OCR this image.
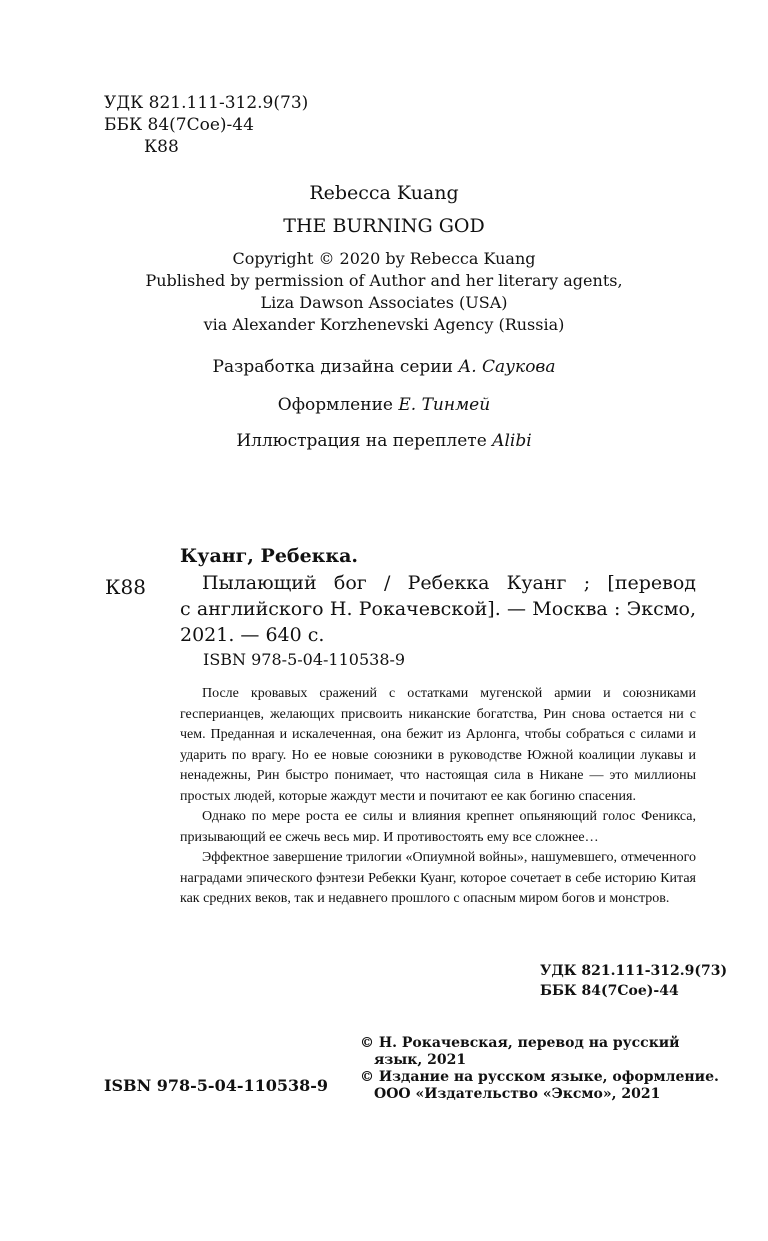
УДК 821.111-312.9(73)
ББК 84(7Сое)-44
К88
Rebecca Kuang
THE BURNING GOD
Copyright © 2020 by Rebecca Kuang
Published by permission of Author and her literary agents,
Liza Dawson Associates (USA)
via Alexander Korzhenevski Agency (Russia)
Разработка дизайна серии А. Саукова
Оформление Е. Тинмей
Иллюстрация на переплете Alibi
Куанг, Ребекка.
К88	Пылающий бог / Ребекка Куанг ; [перевод
с английского Н. Рокачевской]. — Москва : Эксмо,
2021. — 640 с.
ISBN 978-5-04-110538-9

После кровавых сражений с остатками мугенской армии и союзниками гесперианцев, желающих присвоить никанские богатства, Рин снова остается ни с чем. Преданная и искалеченная, она бежит из Арлонга, чтобы собраться с силами и ударить по врагу. Но ее новые союзники в руководстве Южной коалиции лукавы и ненадежны, Рин быстро понимает, что настоящая сила в Никане — это миллионы простых людей, которые жаждут мести и почитают ее как богиню спасения.

Однако по мере роста ее силы и влияния крепнет опьяняющий голос Феникса, призывающий ее сжечь весь мир. И противостоять ему все сложнее…

Эффектное завершение трилогии «Опиумной войны», нашумевшего, отмеченного наградами эпического фэнтези Ребекки Куанг, которое сочетает в себе историю Китая как средних веков, так и недавнего прошлого с опасным миром богов и монстров.

УДК 821.111-312.9(73)
ББК 84(7Сое)-44
© Н. Рокачевская, перевод на русский
язык, 2021
© Издание на русском языке, оформление.
ООО «Издательство «Эксмо», 2021
ISBN 978-5-04-110538-9
